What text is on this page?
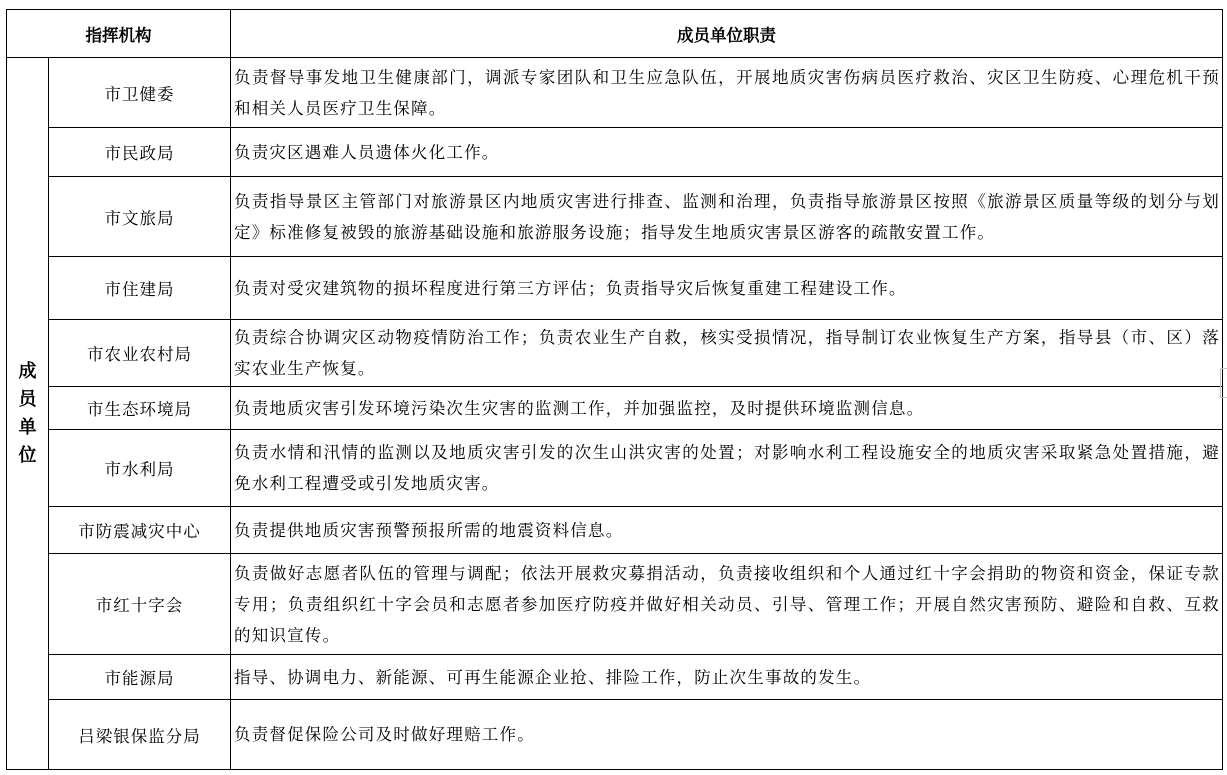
指挥机构		成员单位职责

成
员
单
位	市卫健委	负责督导事发地卫生健康部门，调派专家团队和卫生应急队伍，开展地质灾害伤病员医疗救治、灾区卫生防疫、心理危机干预和相关人员医疗卫生保障。
	市民政局	负责灾区遇难人员遗体火化工作。
	市文旅局	负责指导景区主管部门对旅游景区内地质灾害进行排查、监测和治理，负责指导旅游景区按照《旅游景区质量等级的划分与划定》标准修复被毁的旅游基础设施和旅游服务设施；指导发生地质灾害景区游客的疏散安置工作。
	市住建局	负责对受灾建筑物的损坏程度进行第三方评估；负责指导灾后恢复重建工程建设工作。
	市农业农村局	负责综合协调灾区动物疫情防治工作；负责农业生产自救，核实受损情况，指导制订农业恢复生产方案，指导县（市、区）落实农业生产恢复。
	市生态环境局	负责地质灾害引发环境污染次生灾害的监测工作，并加强监控，及时提供环境监测信息。
	市水利局	负责水情和汛情的监测以及地质灾害引发的次生山洪灾害的处置；对影响水利工程设施安全的地质灾害采取紧急处置措施，避免水利工程遭受或引发地质灾害。
	市防震减灾中心	负责提供地质灾害预警预报所需的地震资料信息。
	市红十字会	负责做好志愿者队伍的管理与调配；依法开展救灾募捐活动，负责接收组织和个人通过红十字会捐助的物资和资金，保证专款专用；负责组织红十字会员和志愿者参加医疗防疫并做好相关动员、引导、管理工作；开展自然灾害预防、避险和自救、互救的知识宣传。
	市能源局	指导、协调电力、新能源、可再生能源企业抢、排险工作，防止次生事故的发生。
	吕梁银保监分局	负责督促保险公司及时做好理赔工作。
